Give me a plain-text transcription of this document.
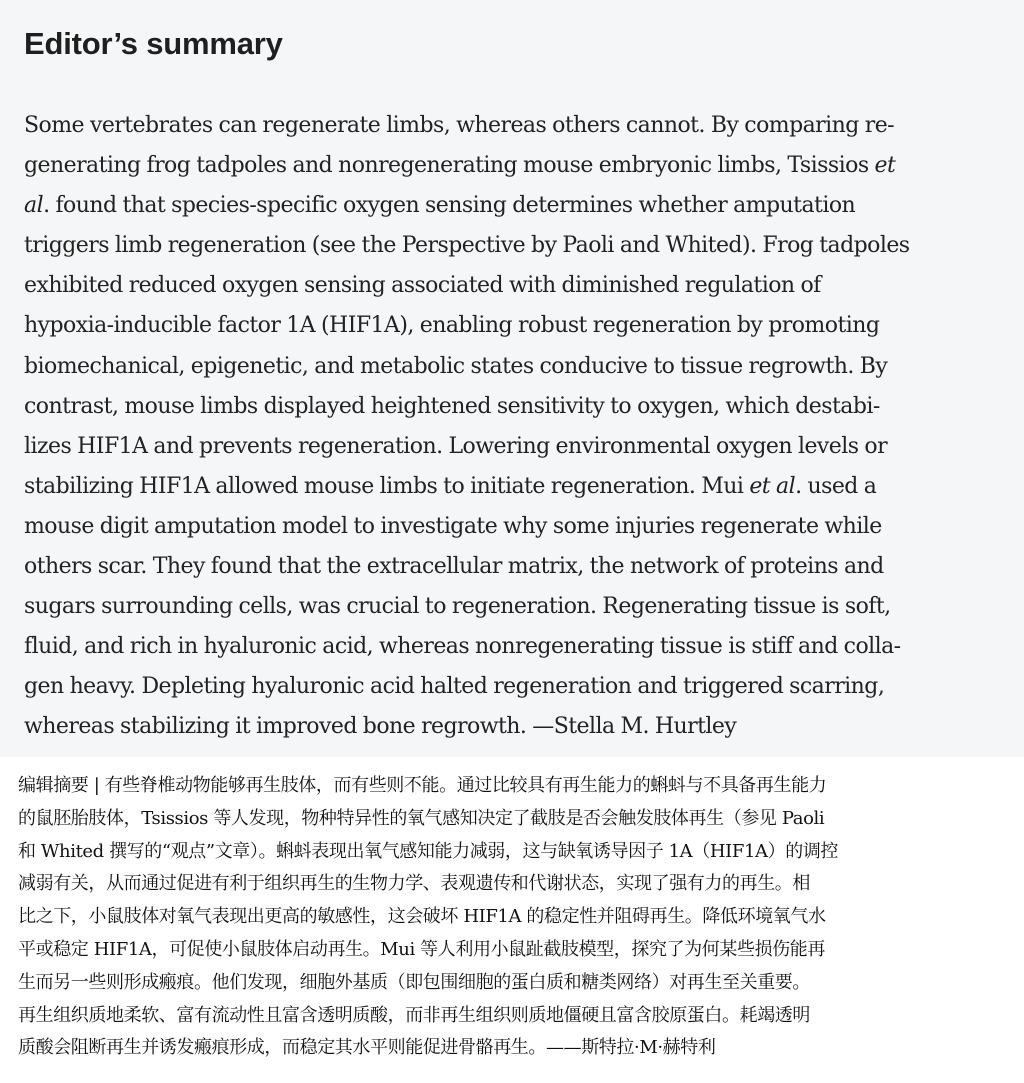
Editor’s summary
Some vertebrates can regenerate limbs, whereas others cannot. By comparing re-
generating frog tadpoles and nonregenerating mouse embryonic limbs, Tsissios et
al. found that species-specific oxygen sensing determines whether amputation
triggers limb regeneration (see the Perspective by Paoli and Whited). Frog tadpoles
exhibited reduced oxygen sensing associated with diminished regulation of
hypoxia-inducible factor 1A (HIF1A), enabling robust regeneration by promoting
biomechanical, epigenetic, and metabolic states conducive to tissue regrowth. By
contrast, mouse limbs displayed heightened sensitivity to oxygen, which destabi-
lizes HIF1A and prevents regeneration. Lowering environmental oxygen levels or
stabilizing HIF1A allowed mouse limbs to initiate regeneration. Mui et al. used a
mouse digit amputation model to investigate why some injuries regenerate while
others scar. They found that the extracellular matrix, the network of proteins and
sugars surrounding cells, was crucial to regeneration. Regenerating tissue is soft,
fluid, and rich in hyaluronic acid, whereas nonregenerating tissue is stiff and colla-
gen heavy. Depleting hyaluronic acid halted regeneration and triggered scarring,
whereas stabilizing it improved bone regrowth. —Stella M. Hurtley
编辑摘要 | 有些脊椎动物能够再生肢体，而有些则不能。通过比较具有再生能力的蝌蚪与不具备再生能力
的鼠胚胎肢体，Tsissios 等人发现，物种特异性的氧气感知决定了截肢是否会触发肢体再生（参见 Paoli
和 Whited 撰写的“观点”文章）。蝌蚪表现出氧气感知能力减弱，这与缺氧诱导因子 1A（HIF1A）的调控
减弱有关，从而通过促进有利于组织再生的生物力学、表观遗传和代谢状态，实现了强有力的再生。相
比之下，小鼠肢体对氧气表现出更高的敏感性，这会破坏 HIF1A 的稳定性并阻碍再生。降低环境氧气水
平或稳定 HIF1A，可促使小鼠肢体启动再生。Mui 等人利用小鼠趾截肢模型，探究了为何某些损伤能再
生而另一些则形成瘢痕。他们发现，细胞外基质（即包围细胞的蛋白质和糖类网络）对再生至关重要。
再生组织质地柔软、富有流动性且富含透明质酸，而非再生组织则质地僵硬且富含胶原蛋白。耗竭透明
质酸会阻断再生并诱发瘢痕形成，而稳定其水平则能促进骨骼再生。——斯特拉·M·赫特利
